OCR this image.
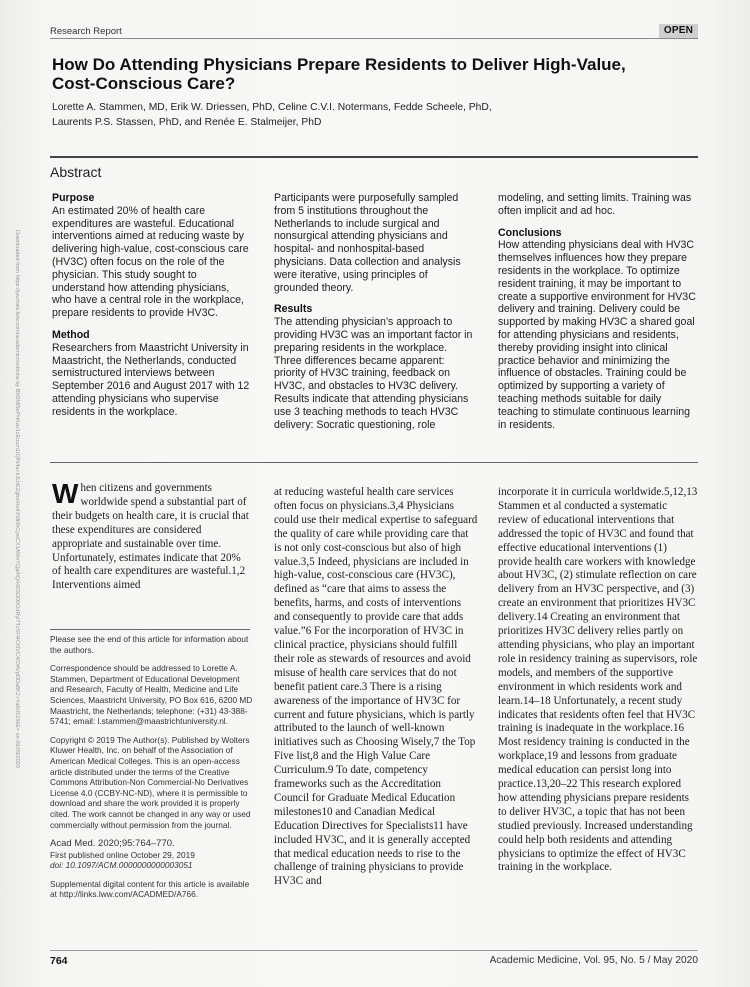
Research Report	OPEN
How Do Attending Physicians Prepare Residents to Deliver High-Value, Cost-Conscious Care?
Lorette A. Stammen, MD, Erik W. Driessen, PhD, Celine C.V.I. Notermans, Fedde Scheele, PhD,
Laurents P.S. Stassen, PhD, and Renée E. Stalmeijer, PhD
Abstract
Purpose

An estimated 20% of health care expenditures are wasteful. Educational interventions aimed at reducing waste by delivering high-value, cost-conscious care (HV3C) often focus on the role of the physician. This study sought to understand how attending physicians, who have a central role in the workplace, prepare residents to provide HV3C.

Method

Researchers from Maastricht University in Maastricht, the Netherlands, conducted semistructured interviews between September 2016 and August 2017 with 12 attending physicians who supervise residents in the workplace.

Participants were purposefully sampled from 5 institutions throughout the Netherlands to include surgical and nonsurgical attending physicians and hospital- and nonhospital-based physicians. Data collection and analysis were iterative, using principles of grounded theory.

Results

The attending physician’s approach to providing HV3C was an important factor in preparing residents in the workplace. Three differences became apparent: priority of HV3C training, feedback on HV3C, and obstacles to HV3C delivery. Results indicate that attending physicians use 3 teaching methods to teach HV3C delivery: Socratic questioning, role

modeling, and setting limits. Training was often implicit and ad hoc.

Conclusions

How attending physicians deal with HV3C themselves influences how they prepare residents in the workplace. To optimize resident training, it may be important to create a supportive environment for HV3C delivery and training. Delivery could be supported by making HV3C a shared goal for attending physicians and residents, thereby providing insight into clinical practice behavior and minimizing the influence of obstacles. Training could be optimized by supporting a variety of teaching methods suitable for daily teaching to stimulate continuous learning in residents.

When citizens and governments worldwide spend a substantial part of their budgets on health care, it is crucial that these expenditures are considered appropriate and sustainable over time. Unfortunately, estimates indicate that 20% of health care expenditures are wasteful.1,2 Interventions aimed

Please see the end of this article for information about the authors.

Correspondence should be addressed to Lorette A. Stammen, Department of Educational Development and Research, Faculty of Health, Medicine and Life Sciences, Maastricht University, PO Box 616, 6200 MD Maastricht, the Netherlands; telephone: (+31) 43-388-5741; email: l.stammen@maastrichtuniversity.nl.

Copyright © 2019 The Author(s). Published by Wolters Kluwer Health, Inc. on behalf of the Association of American Medical Colleges. This is an open-access article distributed under the terms of the Creative Commons Attribution-Non Commercial-No Derivatives License 4.0 (CCBY-NC-ND), where it is permissible to download and share the work provided it is properly cited. The work cannot be changed in any way or used commercially without permission from the journal.

Acad Med. 2020;95:764–770.

First published online October 29, 2019

doi: 10.1097/ACM.0000000000003051

Supplemental digital content for this article is available at http://links.lww.com/ACADMED/A766.

at reducing wasteful health care services often focus on physicians.3,4 Physicians could use their medical expertise to safeguard the quality of care while providing care that is not only cost-conscious but also of high value.3,5 Indeed, physicians are included in high-value, cost-conscious care (HV3C), defined as “care that aims to assess the benefits, harms, and costs of interventions and consequently to provide care that adds value.”6 For the incorporation of HV3C in clinical practice, physicians should fulfill their role as stewards of resources and avoid misuse of health care services that do not benefit patient care.3 There is a rising awareness of the importance of HV3C for current and future physicians, which is partly attributed to the launch of well-known initiatives such as Choosing Wisely,7 the Top Five list,8 and the High Value Care Curriculum.9 To date, competency frameworks such as the Accreditation Council for Graduate Medical Education milestones10 and Canadian Medical Education Directives for Specialists11 have included HV3C, and it is generally accepted that medical education needs to rise to the challenge of training physicians to provide HV3C and

incorporate it in curricula worldwide.5,12,13 Stammen et al conducted a systematic review of educational interventions that addressed the topic of HV3C and found that effective educational interventions (1) provide health care workers with knowledge about HV3C, (2) stimulate reflection on care delivery from an HV3C perspective, and (3) create an environment that prioritizes HV3C delivery.14 Creating an environment that prioritizes HV3C delivery relies partly on attending physicians, who play an important role in residency training as supervisors, role models, and members of the supportive environment in which residents work and learn.14–18 Unfortunately, a recent study indicates that residents often feel that HV3C training is inadequate in the workplace.16 Most residency training is conducted in the workplace,19 and lessons from graduate medical education can persist long into practice.13,20–22 This research explored how attending physicians prepare residents to deliver HV3C, a topic that has not been studied previously. Increased understanding could help both residents and attending physicians to optimize the effect of HV3C training in the workplace.

Downloaded from https://journals.lww.com/academicmedicine by BhDMf5ePHKav1zEoum1tQfN4a+kJLhEZgbsIHo4XMi0hCywCX1AWnYQp/IlQrHD3i3D0OdRyi7TvSFl4Cf3VC4/OAVpDDa8K2+Ya6H515kE= on 09/09/2020
764	Academic Medicine, Vol. 95, No. 5 / May 2020
